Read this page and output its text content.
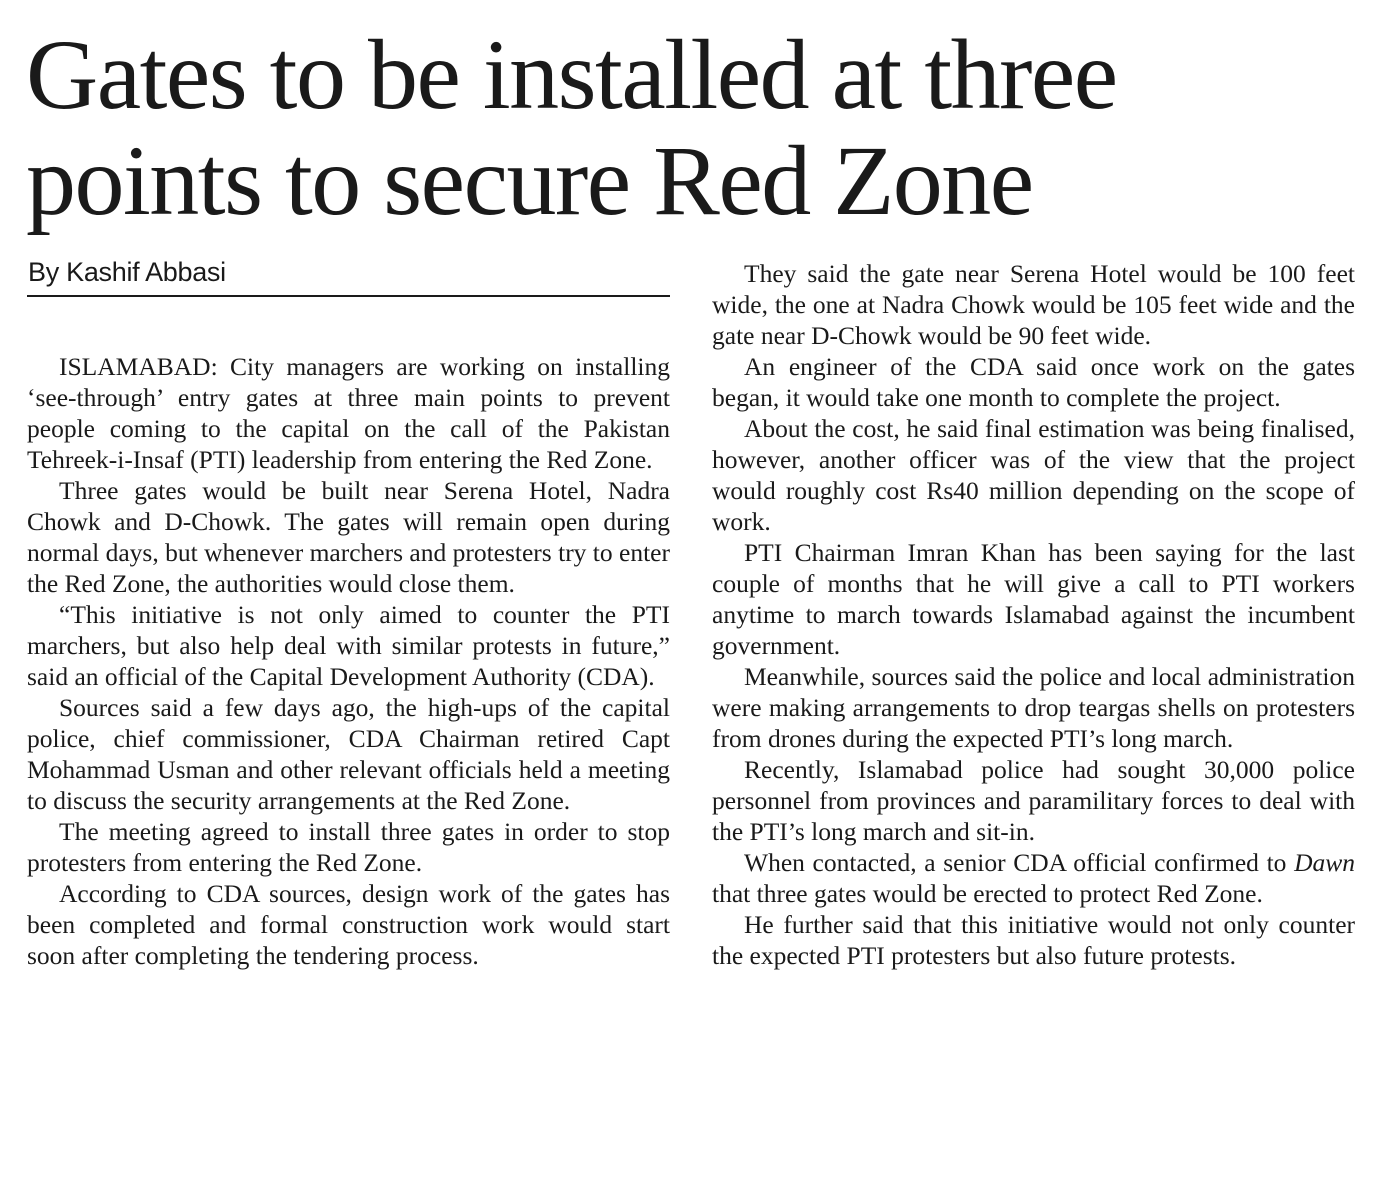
Gates to be installed at three
points to secure Red Zone
By Kashif Abbasi

ISLAMABAD: City managers are working on installing ‘see-through’ entry gates at three main points to prevent people coming to the capital on the call of the Pakistan Tehreek-i-Insaf (PTI) leadership from entering the Red Zone.

Three gates would be built near Serena Hotel, Nadra Chowk and D-Chowk. The gates will remain open during normal days, but whenever marchers and protesters try to enter the Red Zone, the authorities would close them.

“This initiative is not only aimed to counter the PTI marchers, but also help deal with similar protests in future,” said an official of the Capital Development Authority (CDA).

Sources said a few days ago, the high-ups of the capital police, chief commissioner, CDA Chairman retired Capt Mohammad Usman and other relevant officials held a meeting to discuss the security arrangements at the Red Zone.

The meeting agreed to install three gates in order to stop protesters from entering the Red Zone.

According to CDA sources, design work of the gates has been completed and formal construction work would start soon after completing the tendering process.

They said the gate near Serena Hotel would be 100 feet wide, the one at Nadra Chowk would be 105 feet wide and the gate near D-Chowk would be 90 feet wide.

An engineer of the CDA said once work on the gates began, it would take one month to complete the project.

About the cost, he said final estimation was being finalised, however, another officer was of the view that the project would roughly cost Rs40 million depending on the scope of work.

PTI Chairman Imran Khan has been saying for the last couple of months that he will give a call to PTI workers anytime to march towards Islamabad against the incumbent government.

Meanwhile, sources said the police and local administration were making arrangements to drop teargas shells on protesters from drones during the expected PTI’s long march.

Recently, Islamabad police had sought 30,000 police personnel from provinces and paramilitary forces to deal with the PTI’s long march and sit-in.

When contacted, a senior CDA official confirmed to Dawn that three gates would be erected to protect Red Zone.

He further said that this initiative would not only counter the expected PTI protesters but also future protests.
